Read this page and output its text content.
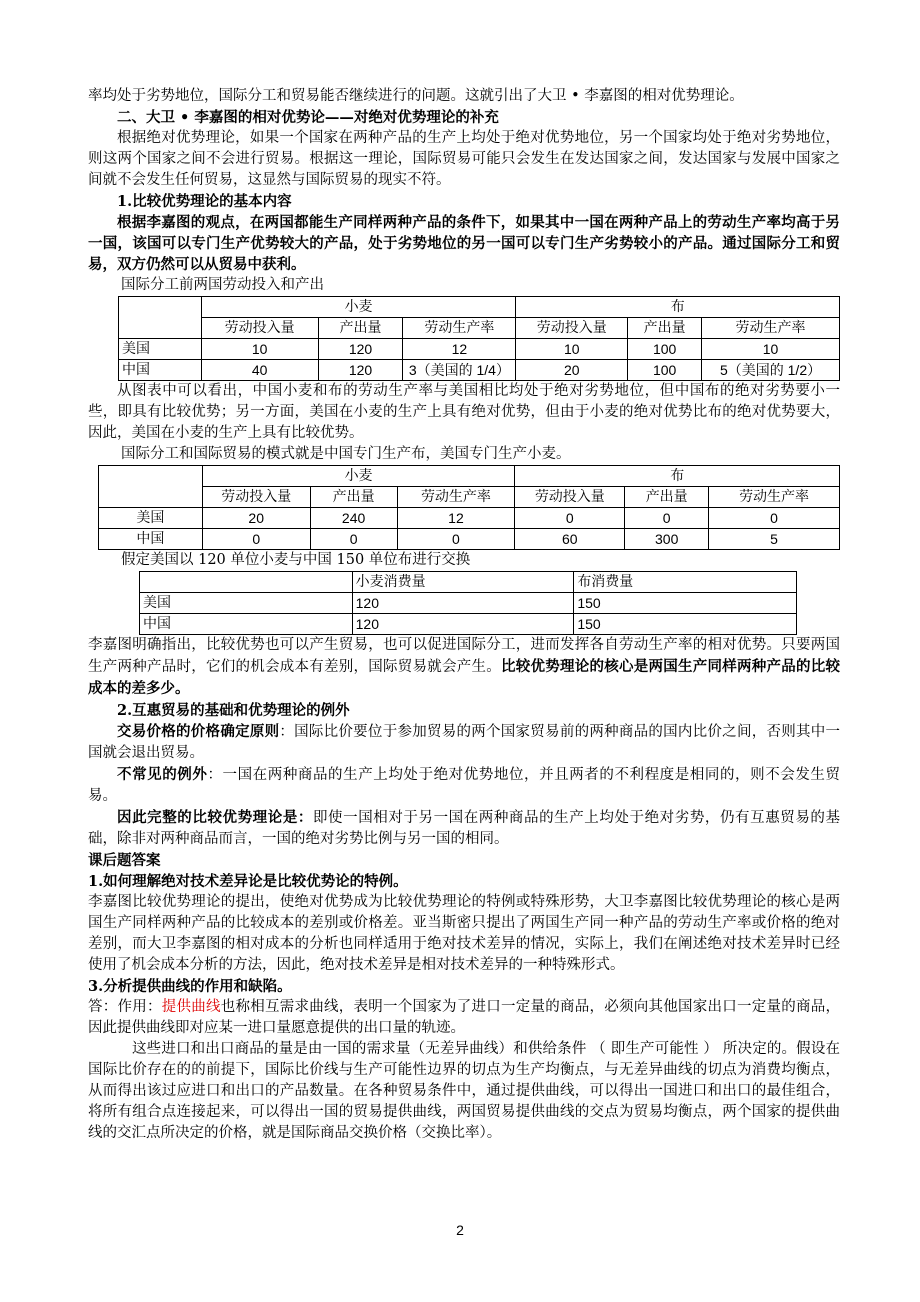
率均处于劣势地位，国际分工和贸易能否继续进行的问题。这就引出了大卫 • 李嘉图的相对优势理论。

二、大卫 • 李嘉图的相对优势论——对绝对优势理论的补充

根据绝对优势理论，如果一个国家在两种产品的生产上均处于绝对优势地位，另一个国家均处于绝对劣势地位，则这两个国家之间不会进行贸易。根据这一理论，国际贸易可能只会发生在发达国家之间，发达国家与发展中国家之间就不会发生任何贸易，这显然与国际贸易的现实不符。

1.比较优势理论的基本内容

根据李嘉图的观点，在两国都能生产同样两种产品的条件下，如果其中一国在两种产品上的劳动生产率均高于另一国，该国可以专门生产优势较大的产品，处于劣势地位的另一国可以专门生产劣势较小的产品。通过国际分工和贸易，双方仍然可以从贸易中获利。

国际分工前两国劳动投入和产出

	小麦			布		
	劳动投入量	产出量	劳动生产率	劳动投入量	产出量	劳动生产率
美国	10	120	12	10	100	10
中国	40	120	3（美国的 1/4）	20	100	5（美国的 1/2）

从图表中可以看出，中国小麦和布的劳动生产率与美国相比均处于绝对劣势地位，但中国布的绝对劣势要小一些，即具有比较优势；另一方面，美国在小麦的生产上具有绝对优势，但由于小麦的绝对优势比布的绝对优势要大，因此，美国在小麦的生产上具有比较优势。

国际分工和国际贸易的模式就是中国专门生产布，美国专门生产小麦。

	小麦			布		
	劳动投入量	产出量	劳动生产率	劳动投入量	产出量	劳动生产率
美国	20	240	12	0	0	0
中国	0	0	0	60	300	5

假定美国以 120 单位小麦与中国 150 单位布进行交换

	小麦消费量	布消费量
美国	120	150
中国	120	150

李嘉图明确指出，比较优势也可以产生贸易，也可以促进国际分工，进而发挥各自劳动生产率的相对优势。只要两国生产两种产品时，它们的机会成本有差别，国际贸易就会产生。比较优势理论的核心是两国生产同样两种产品的比较成本的差多少。

2.互惠贸易的基础和优势理论的例外

交易价格的价格确定原则：国际比价要位于参加贸易的两个国家贸易前的两种商品的国内比价之间，否则其中一国就会退出贸易。

不常见的例外：一国在两种商品的生产上均处于绝对优势地位，并且两者的不利程度是相同的，则不会发生贸易。

因此完整的比较优势理论是：即使一国相对于另一国在两种商品的生产上均处于绝对劣势，仍有互惠贸易的基础，除非对两种商品而言，一国的绝对劣势比例与另一国的相同。

课后题答案

1.如何理解绝对技术差异论是比较优势论的特例。

李嘉图比较优势理论的提出，使绝对优势成为比较优势理论的特例或特殊形势，大卫李嘉图比较优势理论的核心是两国生产同样两种产品的比较成本的差别或价格差。亚当斯密只提出了两国生产同一种产品的劳动生产率或价格的绝对差别，而大卫李嘉图的相对成本的分析也同样适用于绝对技术差异的情况，实际上，我们在阐述绝对技术差异时已经使用了机会成本分析的方法，因此，绝对技术差异是相对技术差异的一种特殊形式。

3.分析提供曲线的作用和缺陷。

答：作用：提供曲线也称相互需求曲线，表明一个国家为了进口一定量的商品，必须向其他国家出口一定量的商品，因此提供曲线即对应某一进口量愿意提供的出口量的轨迹。

这些进口和出口商品的量是由一国的需求量（无差异曲线）和供给条件 （ 即生产可能性 ） 所决定的。假设在国际比价存在的的前提下，国际比价线与生产可能性边界的切点为生产均衡点，与无差异曲线的切点为消费均衡点，从而得出该过应进口和出口的产品数量。在各种贸易条件中，通过提供曲线，可以得出一国进口和出口的最佳组合，将所有组合点连接起来，可以得出一国的贸易提供曲线，两国贸易提供曲线的交点为贸易均衡点，两个国家的提供曲线的交汇点所决定的价格，就是国际商品交换价格（交换比率）。

2
